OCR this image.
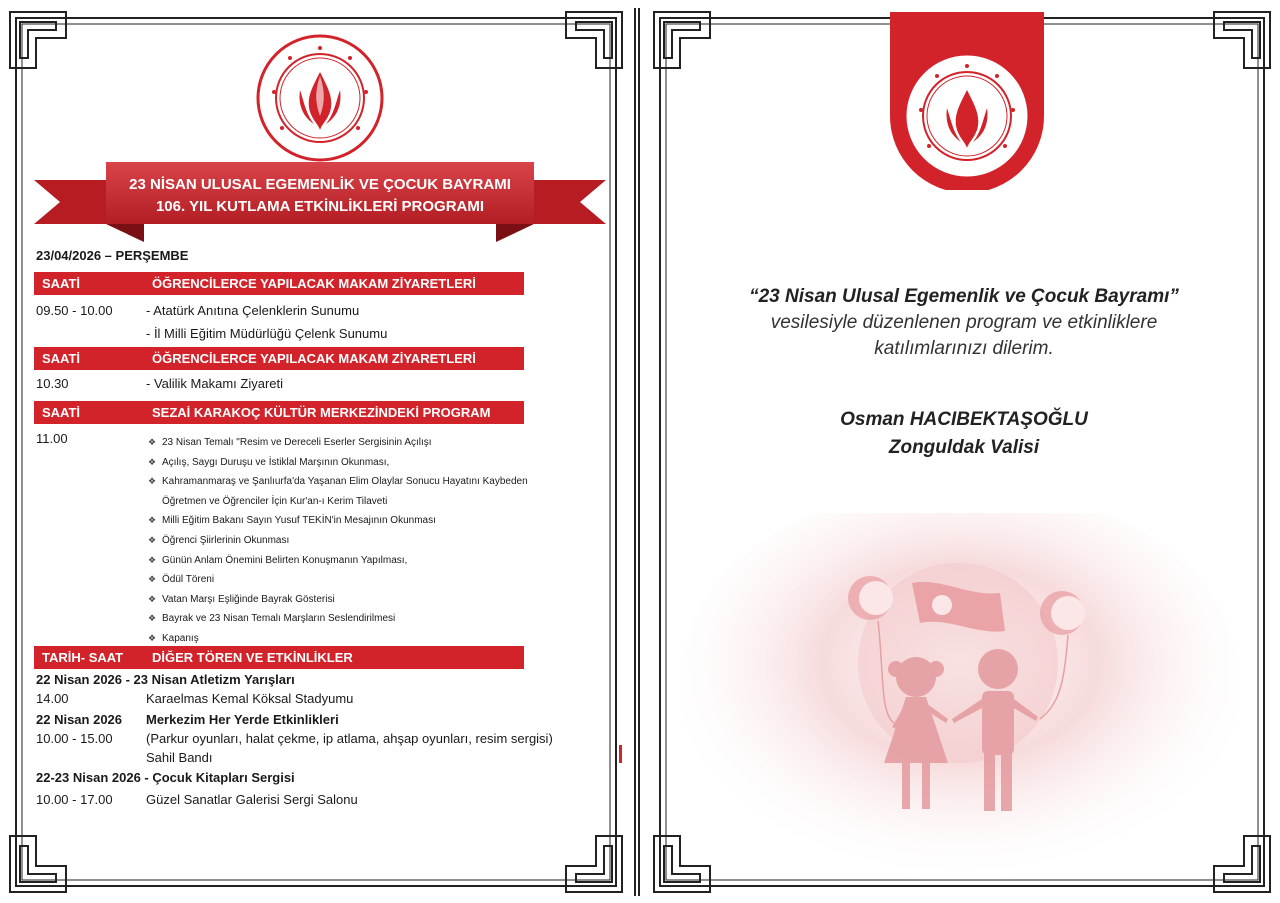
23 NİSAN ULUSAL EGEMENLİK VE ÇOCUK BAYRAMI
106. YIL KUTLAMA ETKİNLİKLERİ PROGRAMI
23/04/2026 – PERŞEMBE
SAATİ	ÖĞRENCİLERCE YAPILACAK MAKAM ZİYARETLERİ
09.50 - 10.00	- Atatürk Anıtına Çelenklerin Sunumu
- İl Milli Eğitim Müdürlüğü Çelenk Sunumu
SAATİ	ÖĞRENCİLERCE YAPILACAK MAKAM ZİYARETLERİ
10.30	- Valilik Makamı Ziyareti
SAATİ	SEZAİ KARAKOÇ KÜLTÜR MERKEZİNDEKİ PROGRAM
11.00
❖	23 Nisan Temalı "Resim ve Dereceli Eserler Sergisinin Açılışı
❖ Açılış, Saygı Duruşu ve İstiklal Marşının Okunması,
❖ Kahramanmaraş ve Şanlıurfa'da Yaşanan Elim Olaylar Sonucu Hayatını Kaybeden
Öğretmen ve Öğrenciler İçin Kur'an-ı Kerim Tilaveti
❖ Milli Eğitim Bakanı Sayın Yusuf TEKİN'in Mesajının Okunması
❖ Öğrenci Şiirlerinin Okunması
❖ Günün Anlam Önemini Belirten Konuşmanın Yapılması,
❖ Ödül Töreni
❖ Vatan Marşı Eşliğinde Bayrak Gösterisi
❖ Bayrak ve 23 Nisan Temalı Marşların Seslendirilmesi
❖ Kapanış
TARİH- SAAT DİĞER TÖREN VE ETKİNLİKLER
22 Nisan 2026 - 23 Nisan Atletizm Yarışları
14.00	Karaelmas Kemal Köksal Stadyumu
22 Nisan 2026 Merkezim Her Yerde Etkinlikleri
10.00 - 15.00	(Parkur oyunları, halat çekme, ip atlama, ahşap oyunları, resim sergisi)
Sahil Bandı
22-23 Nisan 2026 - Çocuk Kitapları Sergisi
10.00 - 17.00	Güzel Sanatlar Galerisi Sergi Salonu
“23 Nisan Ulusal Egemenlik ve Çocuk Bayramı”
vesilesiyle düzenlenen program ve etkinliklere
katılımlarınızı dilerim.
Osman HACIBEKTAŞOĞLU
Zonguldak Valisi
